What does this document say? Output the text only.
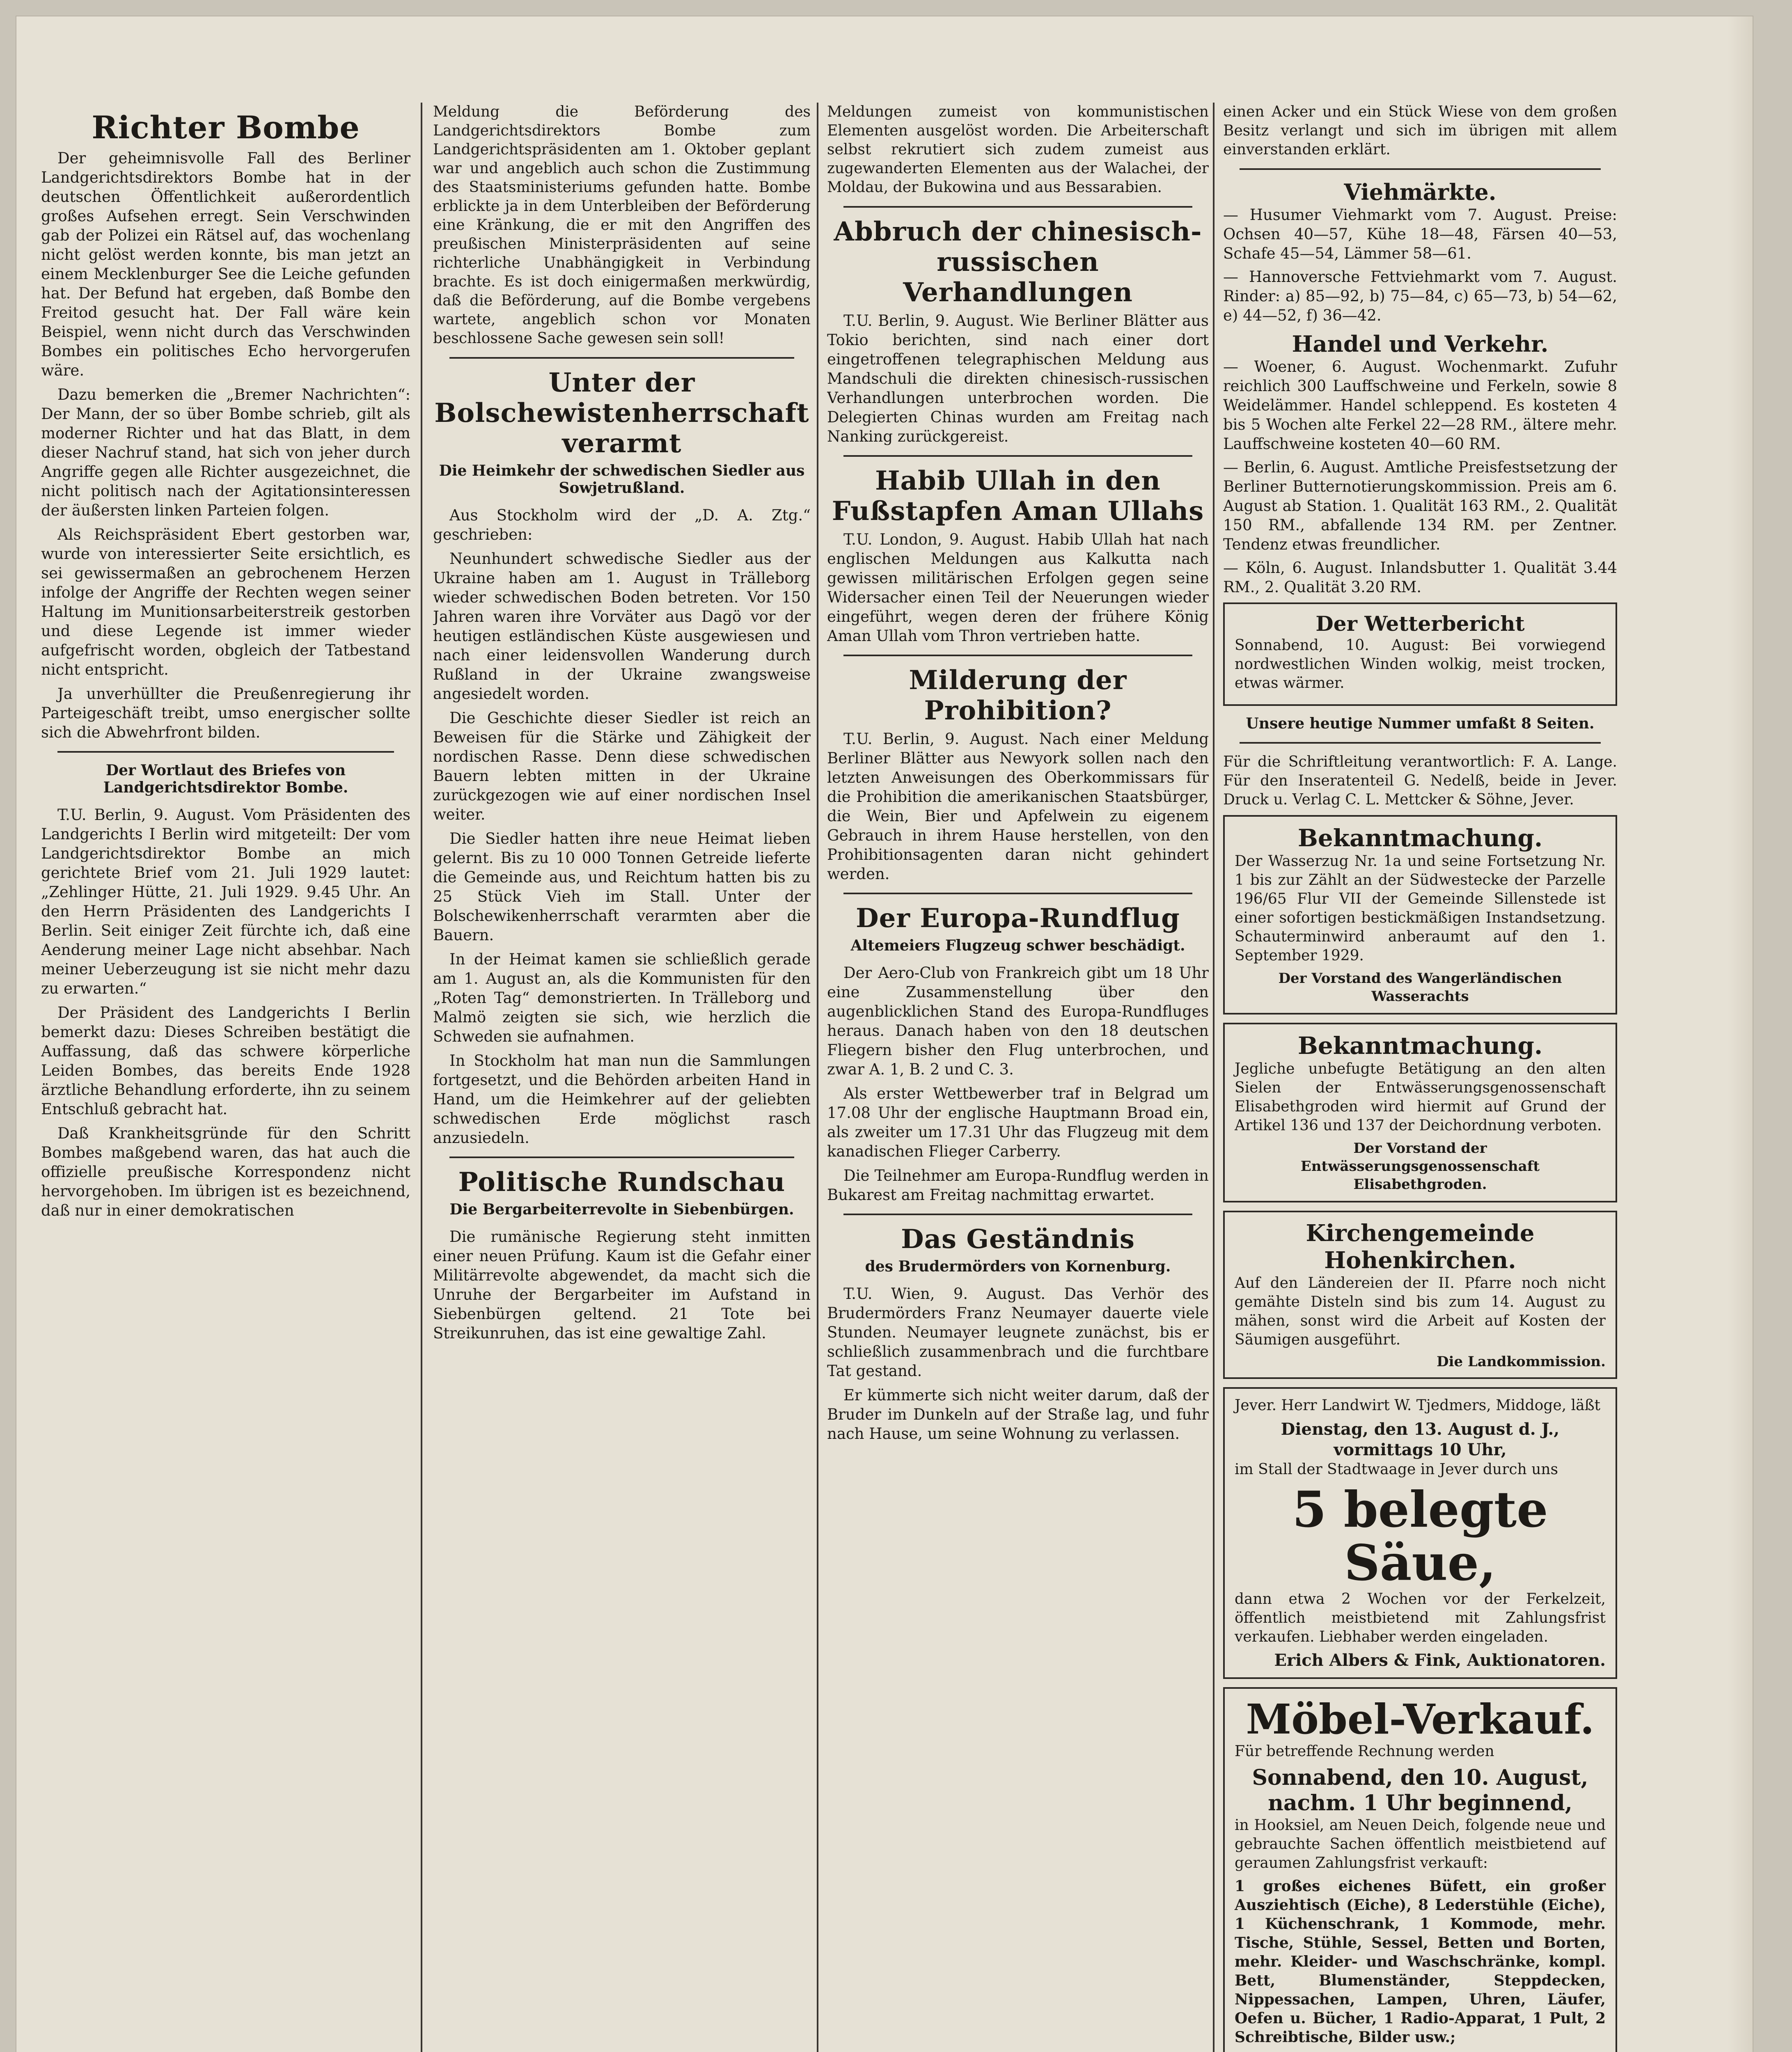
Richter Bombe

Der geheimnisvolle Fall des Berliner Landgerichtsdirektors Bombe hat in der deutschen Öffentlichkeit außerordentlich großes Aufsehen erregt. Sein Verschwinden gab der Polizei ein Rätsel auf, das wochenlang nicht gelöst werden konnte, bis man jetzt an einem Mecklenburger See die Leiche gefunden hat. Der Befund hat ergeben, daß Bombe den Freitod gesucht hat. Der Fall wäre kein Beispiel, wenn nicht durch das Verschwinden Bombes ein politisches Echo hervorgerufen wäre.

Dazu bemerken die „Bremer Nachrichten“: Der Mann, der so über Bombe schrieb, gilt als moderner Richter und hat das Blatt, in dem dieser Nachruf stand, hat sich von jeher durch Angriffe gegen alle Richter ausgezeichnet, die nicht politisch nach der Agitationsinteressen der äußersten linken Parteien folgen.

Als Reichspräsident Ebert gestorben war, wurde von interessierter Seite ersichtlich, es sei gewissermaßen an gebrochenem Herzen infolge der Angriffe der Rechten wegen seiner Haltung im Munitionsarbeiterstreik gestorben und diese Legende ist immer wieder aufgefrischt worden, obgleich der Tatbestand nicht entspricht.

Ja unverhüllter die Preußenregierung ihr Parteigeschäft treibt, umso energischer sollte sich die Abwehrfront bilden.

Der Wortlaut des Briefes von Landgerichtsdirektor Bombe.

T.U. Berlin, 9. August. Vom Präsidenten des Landgerichts I Berlin wird mitgeteilt: Der vom Landgerichtsdirektor Bombe an mich gerichtete Brief vom 21. Juli 1929 lautet: „Zehlinger Hütte, 21. Juli 1929. 9.45 Uhr. An den Herrn Präsidenten des Landgerichts I Berlin. Seit einiger Zeit fürchte ich, daß eine Aenderung meiner Lage nicht absehbar. Nach meiner Ueberzeugung ist sie nicht mehr dazu zu erwarten.“

Der Präsident des Landgerichts I Berlin bemerkt dazu: Dieses Schreiben bestätigt die Auffassung, daß das schwere körperliche Leiden Bombes, das bereits Ende 1928 ärztliche Behandlung erforderte, ihn zu seinem Entschluß gebracht hat.

Daß Krankheitsgründe für den Schritt Bombes maßgebend waren, das hat auch die offizielle preußische Korrespondenz nicht hervorgehoben. Im übrigen ist es bezeichnend, daß nur in einer demokratischen

Meldung die Beförderung des Landgerichtsdirektors Bombe zum Landgerichtspräsidenten am 1. Oktober geplant war und angeblich auch schon die Zustimmung des Staatsministeriums gefunden hatte. Bombe erblickte ja in dem Unterbleiben der Beförderung eine Kränkung, die er mit den Angriffen des preußischen Ministerpräsidenten auf seine richterliche Unabhängigkeit in Verbindung brachte. Es ist doch einigermaßen merkwürdig, daß die Beförderung, auf die Bombe vergebens wartete, angeblich schon vor Monaten beschlossene Sache gewesen sein soll!

Unter der Bolschewistenherrschaft verarmt
Die Heimkehr der schwedischen Siedler aus Sowjetrußland.

Aus Stockholm wird der „D. A. Ztg.“ geschrieben:

Neunhundert schwedische Siedler aus der Ukraine haben am 1. August in Trälleborg wieder schwedischen Boden betreten. Vor 150 Jahren waren ihre Vorväter aus Dagö vor der heutigen estländischen Küste ausgewiesen und nach einer leidensvollen Wanderung durch Rußland in der Ukraine zwangsweise angesiedelt worden.

Die Geschichte dieser Siedler ist reich an Beweisen für die Stärke und Zähigkeit der nordischen Rasse. Denn diese schwedischen Bauern lebten mitten in der Ukraine zurückgezogen wie auf einer nordischen Insel weiter.

Die Siedler hatten ihre neue Heimat lieben gelernt. Bis zu 10 000 Tonnen Getreide lieferte die Gemeinde aus, und Reichtum hatten bis zu 25 Stück Vieh im Stall. Unter der Bolschewikenherrschaft verarmten aber die Bauern.

In der Heimat kamen sie schließlich gerade am 1. August an, als die Kommunisten für den „Roten Tag“ demonstrierten. In Trälleborg und Malmö zeigten sie sich, wie herzlich die Schweden sie aufnahmen.

In Stockholm hat man nun die Sammlungen fortgesetzt, und die Behörden arbeiten Hand in Hand, um die Heimkehrer auf der geliebten schwedischen Erde möglichst rasch anzusiedeln.

Politische Rundschau
Die Bergarbeiterrevolte in Siebenbürgen.

Die rumänische Regierung steht inmitten einer neuen Prüfung. Kaum ist die Gefahr einer Militärrevolte abgewendet, da macht sich die Unruhe der Bergarbeiter im Aufstand in Siebenbürgen geltend. 21 Tote bei Streikunruhen, das ist eine gewaltige Zahl.

Meldungen zumeist von kommunistischen Elementen ausgelöst worden. Die Arbeiterschaft selbst rekrutiert sich zudem zumeist aus zugewanderten Elementen aus der Walachei, der Moldau, der Bukowina und aus Bessarabien.

Abbruch der chinesisch-russischen Verhandlungen

T.U. Berlin, 9. August. Wie Berliner Blätter aus Tokio berichten, sind nach einer dort eingetroffenen telegraphischen Meldung aus Mandschuli die direkten chinesisch-russischen Verhandlungen unterbrochen worden. Die Delegierten Chinas wurden am Freitag nach Nanking zurückgereist.

Habib Ullah in den Fußstapfen Aman Ullahs

T.U. London, 9. August. Habib Ullah hat nach englischen Meldungen aus Kalkutta nach gewissen militärischen Erfolgen gegen seine Widersacher einen Teil der Neuerungen wieder eingeführt, wegen deren der frühere König Aman Ullah vom Thron vertrieben hatte.

Milderung der Prohibition?

T.U. Berlin, 9. August. Nach einer Meldung Berliner Blätter aus Newyork sollen nach den letzten Anweisungen des Oberkommissars für die Prohibition die amerikanischen Staatsbürger, die Wein, Bier und Apfelwein zu eigenem Gebrauch in ihrem Hause herstellen, von den Prohibitionsagenten daran nicht gehindert werden.

Der Europa-Rundflug
Altemeiers Flugzeug schwer beschädigt.

Der Aero-Club von Frankreich gibt um 18 Uhr eine Zusammenstellung über den augenblicklichen Stand des Europa-Rundfluges heraus. Danach haben von den 18 deutschen Fliegern bisher den Flug unterbrochen, und zwar A. 1, B. 2 und C. 3.

Als erster Wettbewerber traf in Belgrad um 17.08 Uhr der englische Hauptmann Broad ein, als zweiter um 17.31 Uhr das Flugzeug mit dem kanadischen Flieger Carberry.

Die Teilnehmer am Europa-Rundflug werden in Bukarest am Freitag nachmittag erwartet.

Das Geständnis
des Brudermörders von Kornenburg.

T.U. Wien, 9. August. Das Verhör des Brudermörders Franz Neumayer dauerte viele Stunden. Neumayer leugnete zunächst, bis er schließlich zusammenbrach und die furchtbare Tat gestand.

Er kümmerte sich nicht weiter darum, daß der Bruder im Dunkeln auf der Straße lag, und fuhr nach Hause, um seine Wohnung zu verlassen.

einen Acker und ein Stück Wiese von dem großen Besitz verlangt und sich im übrigen mit allem einverstanden erklärt.

Viehmärkte.
— Husumer Viehmarkt vom 7. August. Preise: Ochsen 40—57, Kühe 18—48, Färsen 40—53, Schafe 45—54, Lämmer 58—61.
— Hannoversche Fettviehmarkt vom 7. August. Rinder: a) 85—92, b) 75—84, c) 65—73, b) 54—62, e) 44—52, f) 36—42.
Handel und Verkehr.
— Woener, 6. August. Wochenmarkt. Zufuhr reichlich 300 Lauffschweine und Ferkeln, sowie 8 Weidelämmer. Handel schleppend. Es kosteten 4 bis 5 Wochen alte Ferkel 22—28 RM., ältere mehr. Lauffschweine kosteten 40—60 RM.
— Berlin, 6. August. Amtliche Preisfestsetzung der Berliner Butternotierungskommission. Preis am 6. August ab Station. 1. Qualität 163 RM., 2. Qualität 150 RM., abfallende 134 RM. per Zentner. Tendenz etwas freundlicher.
— Köln, 6. August. Inlandsbutter 1. Qualität 3.44 RM., 2. Qualität 3.20 RM.
Der Wetterbericht

Sonnabend, 10. August: Bei vorwiegend nordwestlichen Winden wolkig, meist trocken, etwas wärmer.

Unsere heutige Nummer umfaßt 8 Seiten.

Für die Schriftleitung verantwortlich: F. A. Lange. Für den Inseratenteil G. Nedelß, beide in Jever. Druck u. Verlag C. L. Mettcker & Söhne, Jever.

Bekanntmachung.

Der Wasserzug Nr. 1a und seine Fortsetzung Nr. 1 bis zur Zählt an der Südwestecke der Parzelle 196/65 Flur VII der Gemeinde Sillenstede ist einer sofortigen bestickmäßigen Instandsetzung. Schauterminwird anberaumt auf den 1. September 1929.

Der Vorstand des Wangerländischen Wasserachts
Bekanntmachung.

Jegliche unbefugte Betätigung an den alten Sielen der Entwässerungsgenossenschaft Elisabethgroden wird hiermit auf Grund der Artikel 136 und 137 der Deichordnung verboten.

Der Vorstand der Entwässerungsgenossenschaft Elisabethgroden.
Kirchengemeinde Hohenkirchen.

Auf den Ländereien der II. Pfarre noch nicht gemähte Disteln sind bis zum 14. August zu mähen, sonst wird die Arbeit auf Kosten der Säumigen ausgeführt.

Die Landkommission.

Jever. Herr Landwirt W. Tjedmers, Middoge, läßt

Dienstag, den 13. August d. J., vormittags 10 Uhr,

im Stall der Stadtwaage in Jever durch uns

5 belegte Säue,

dann etwa 2 Wochen vor der Ferkelzeit, öffentlich meistbietend mit Zahlungsfrist verkaufen. Liebhaber werden eingeladen.

Erich Albers & Fink, Auktionatoren.
Möbel-Verkauf.

Für betreffende Rechnung werden

Sonnabend, den 10. August, nachm. 1 Uhr beginnend,

in Hooksiel, am Neuen Deich, folgende neue und gebrauchte Sachen öffentlich meistbietend auf geraumen Zahlungsfrist verkauft:

1 großes eichenes Büfett, ein großer Ausziehtisch (Eiche), 8 Lederstühle (Eiche), 1 Küchenschrank, 1 Kommode, mehr. Tische, Stühle, Sessel, Betten und Borten, mehr. Kleider- und Waschschränke, kompl. Bett, Blumenständer, Steppdecken, Nippessachen, Lampen, Uhren, Läufer, Oefen u. Bücher, 1 Radio-Apparat, 1 Pult, 2 Schreibtische, Bilder usw.;
